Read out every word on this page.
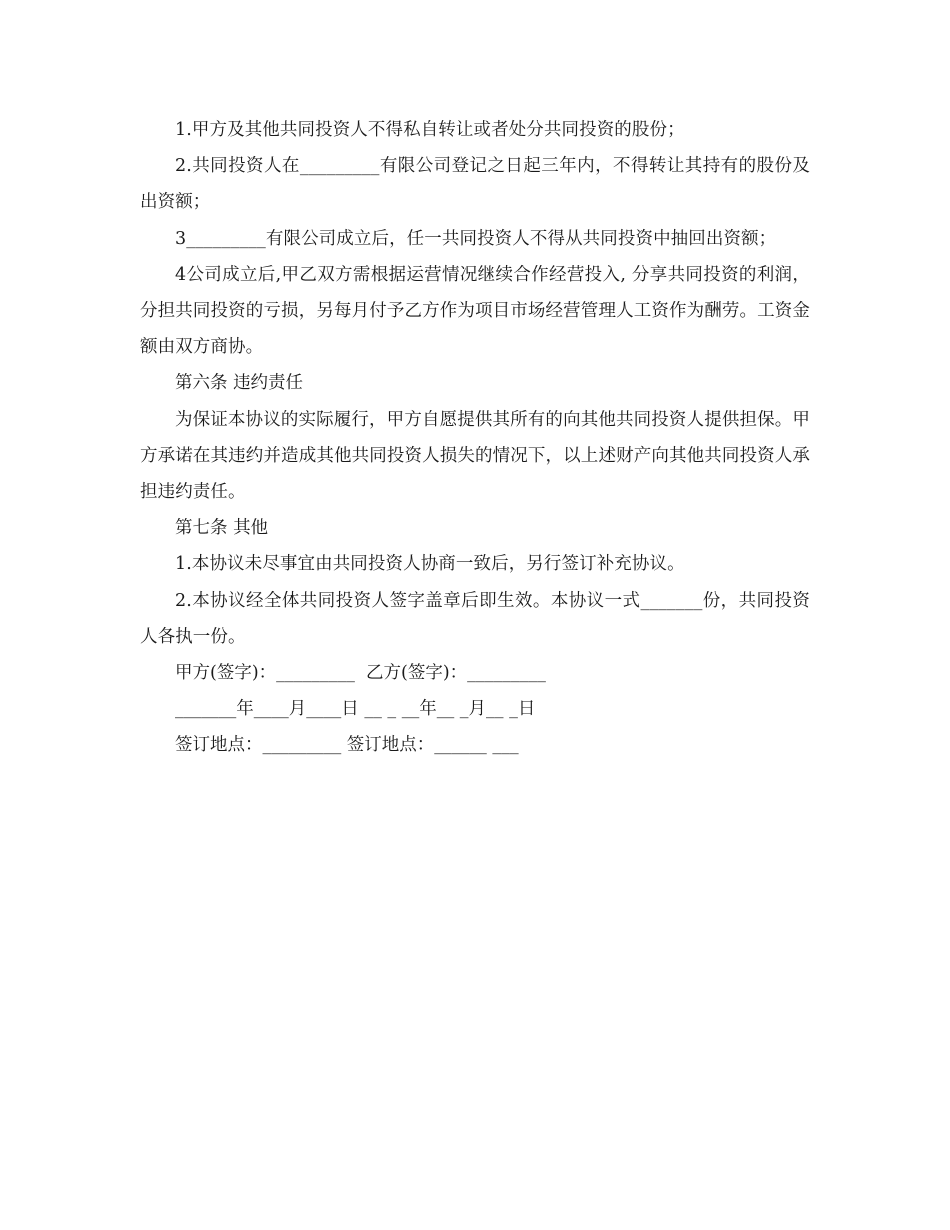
1.甲方及其他共同投资人不得私自转让或者处分共同投资的股份；

2.共同投资人在_________有限公司登记之日起三年内，不得转让其持有的股份及出资额；

3_________有限公司成立后，任一共同投资人不得从共同投资中抽回出资额；

4公司成立后,甲乙双方需根据运营情况继续合作经营投入, 分享共同投资的利润，分担共同投资的亏损，另每月付予乙方作为项目市场经营管理人工资作为酬劳。工资金额由双方商协。

第六条 违约责任

为保证本协议的实际履行，甲方自愿提供其所有的向其他共同投资人提供担保。甲方承诺在其违约并造成其他共同投资人损失的情况下，以上述财产向其他共同投资人承担违约责任。

第七条 其他

1.本协议未尽事宜由共同投资人协商一致后，另行签订补充协议。

2.本协议经全体共同投资人签字盖章后即生效。本协议一式_______份，共同投资人各执一份。

甲方(签字)：_________  乙方(签字)：_________

_______年____月____日 __ _ __年__ _月__ _日

签订地点：_________ 签订地点：______ ___
